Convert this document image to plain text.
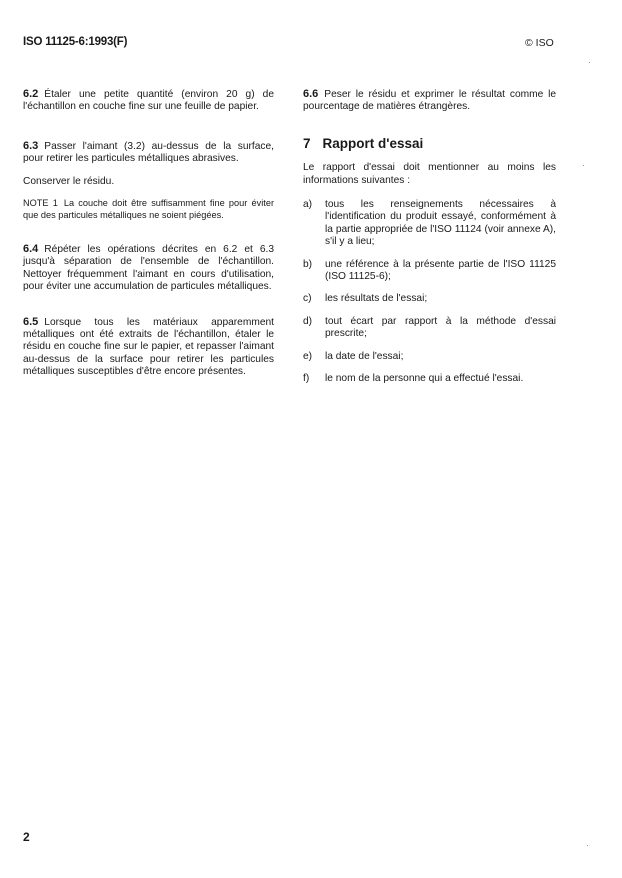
ISO 11125-6:1993(F)	© ISO

6.2 Étaler une petite quantité (environ 20 g) de l'échantillon en couche fine sur une feuille de papier.

6.3 Passer l'aimant (3.2) au-dessus de la surface, pour retirer les particules métalliques abrasives.

Conserver le résidu.

NOTE 1 La couche doit être suffisamment fine pour éviter que des particules métalliques ne soient piégées.

6.4 Répéter les opérations décrites en 6.2 et 6.3 jusqu'à séparation de l'ensemble de l'échantillon. Nettoyer fréquemment l'aimant en cours d'utilisation, pour éviter une accumulation de particules métalliques.

6.5 Lorsque tous les matériaux apparemment métalliques ont été extraits de l'échantillon, étaler le résidu en couche fine sur le papier, et repasser l'aimant au-dessus de la surface pour retirer les particules métalliques susceptibles d'être encore présentes.

6.6 Peser le résidu et exprimer le résultat comme le pourcentage de matières étrangères.

7 Rapport d'essai

Le rapport d'essai doit mentionner au moins les informations suivantes :

a)	tous les renseignements nécessaires à l'identification du produit essayé, conformément à la partie appropriée de l'ISO 11124 (voir annexe A), s'il y a lieu;
b)	une référence à la présente partie de l'ISO 11125 (ISO 11125-6);
c)	les résultats de l'essai;
d)	tout écart par rapport à la méthode d'essai prescrite;
e)	la date de l'essai;
f)	le nom de la personne qui a effectué l'essai.
2
